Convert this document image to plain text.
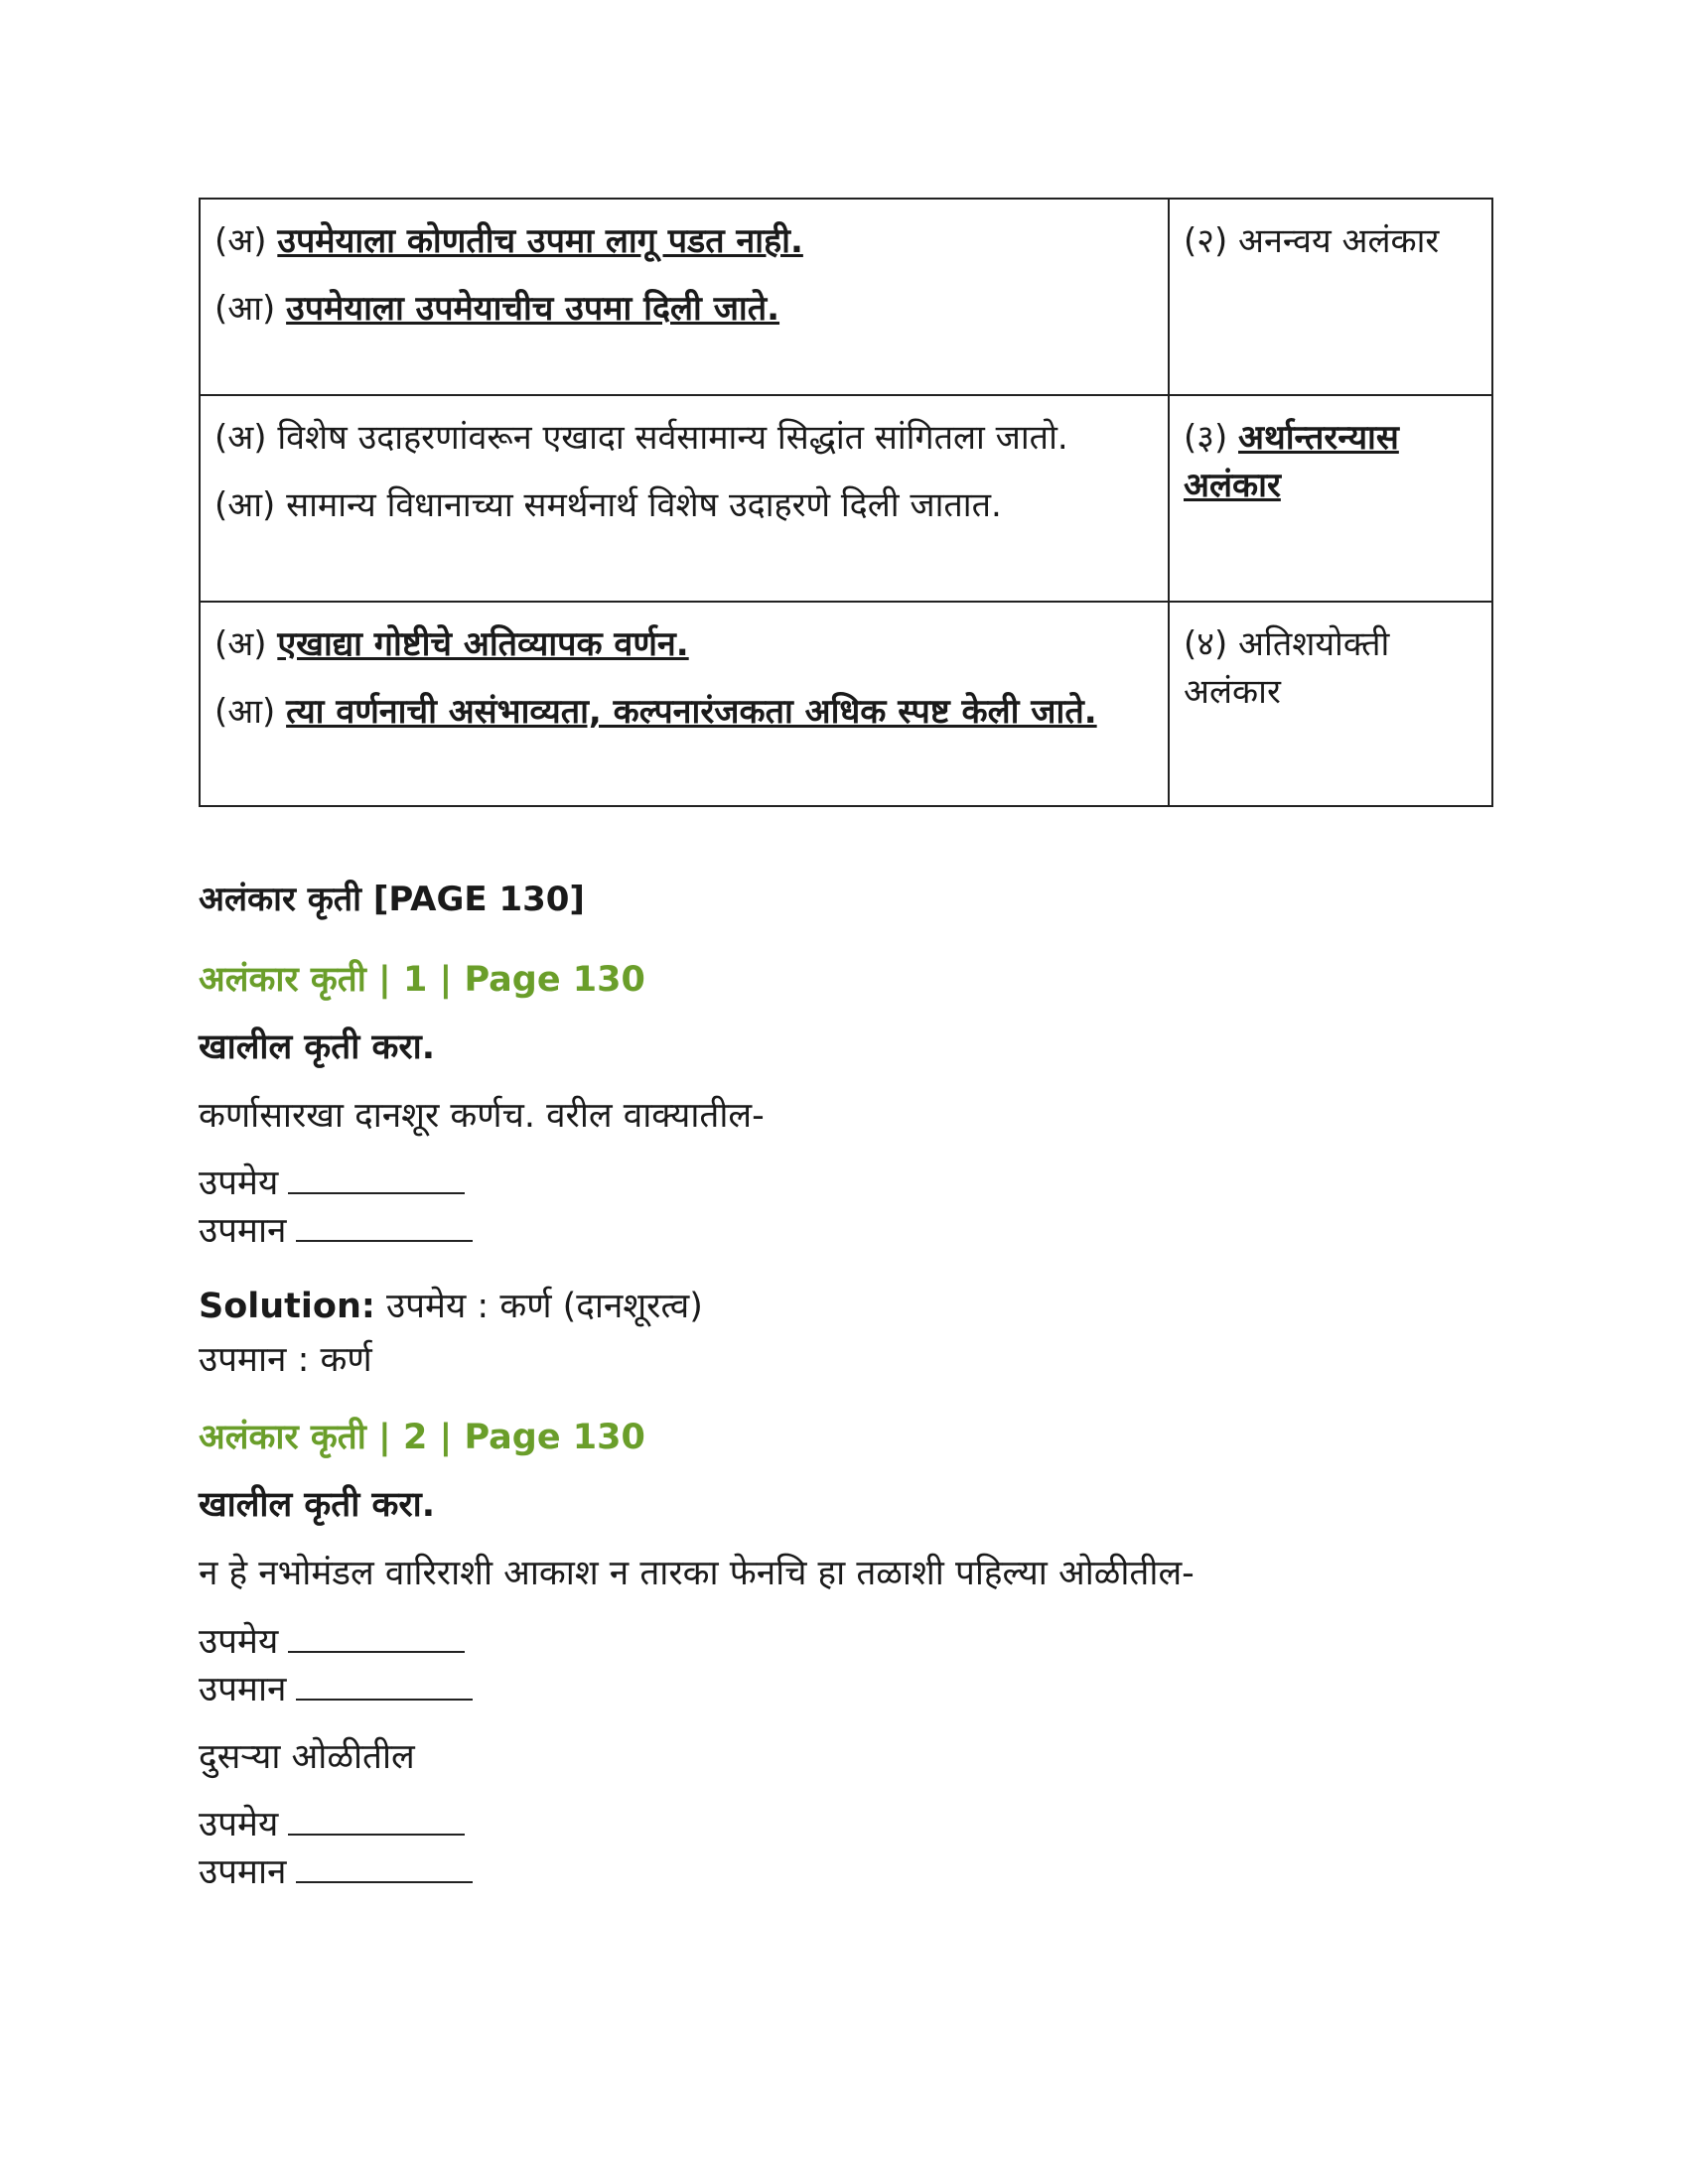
(अ) उपमेयाला कोणतीच उपमा लागू पडत नाही.
(आ) उपमेयाला उपमेयाचीच उपमा दिली जाते.	(२) अनन्वय अलंकार

(अ) विशेष उदाहरणांवरून एखादा सर्वसामान्य सिद्धांत सांगितला जातो.
(आ) सामान्य विधानाच्या समर्थनार्थ विशेष उदाहरणे दिली जातात.	(३) अर्थान्तरन्यास अलंकार

(अ) एखाद्या गोष्टीचे अतिव्यापक वर्णन.
(आ) त्या वर्णनाची असंभाव्यता, कल्पनारंजकता अधिक स्पष्ट केली जाते.	(४) अतिशयोक्ती अलंकार
अलंकार कृती [PAGE 130]
अलंकार कृती | 1 | Page 130
खालील कृती करा.
कर्णासारखा दानशूर कर्णच. वरील वाक्यातील-
उपमेय
उपमान
Solution: उपमेय : कर्ण (दानशूरत्व)
उपमान : कर्ण
अलंकार कृती | 2 | Page 130
खालील कृती करा.
न हे नभोमंडल वारिराशी आकाश न तारका फेनचि हा तळाशी पहिल्या ओळीतील-
उपमेय
उपमान
दुसऱ्या ओळीतील
उपमेय
उपमान
